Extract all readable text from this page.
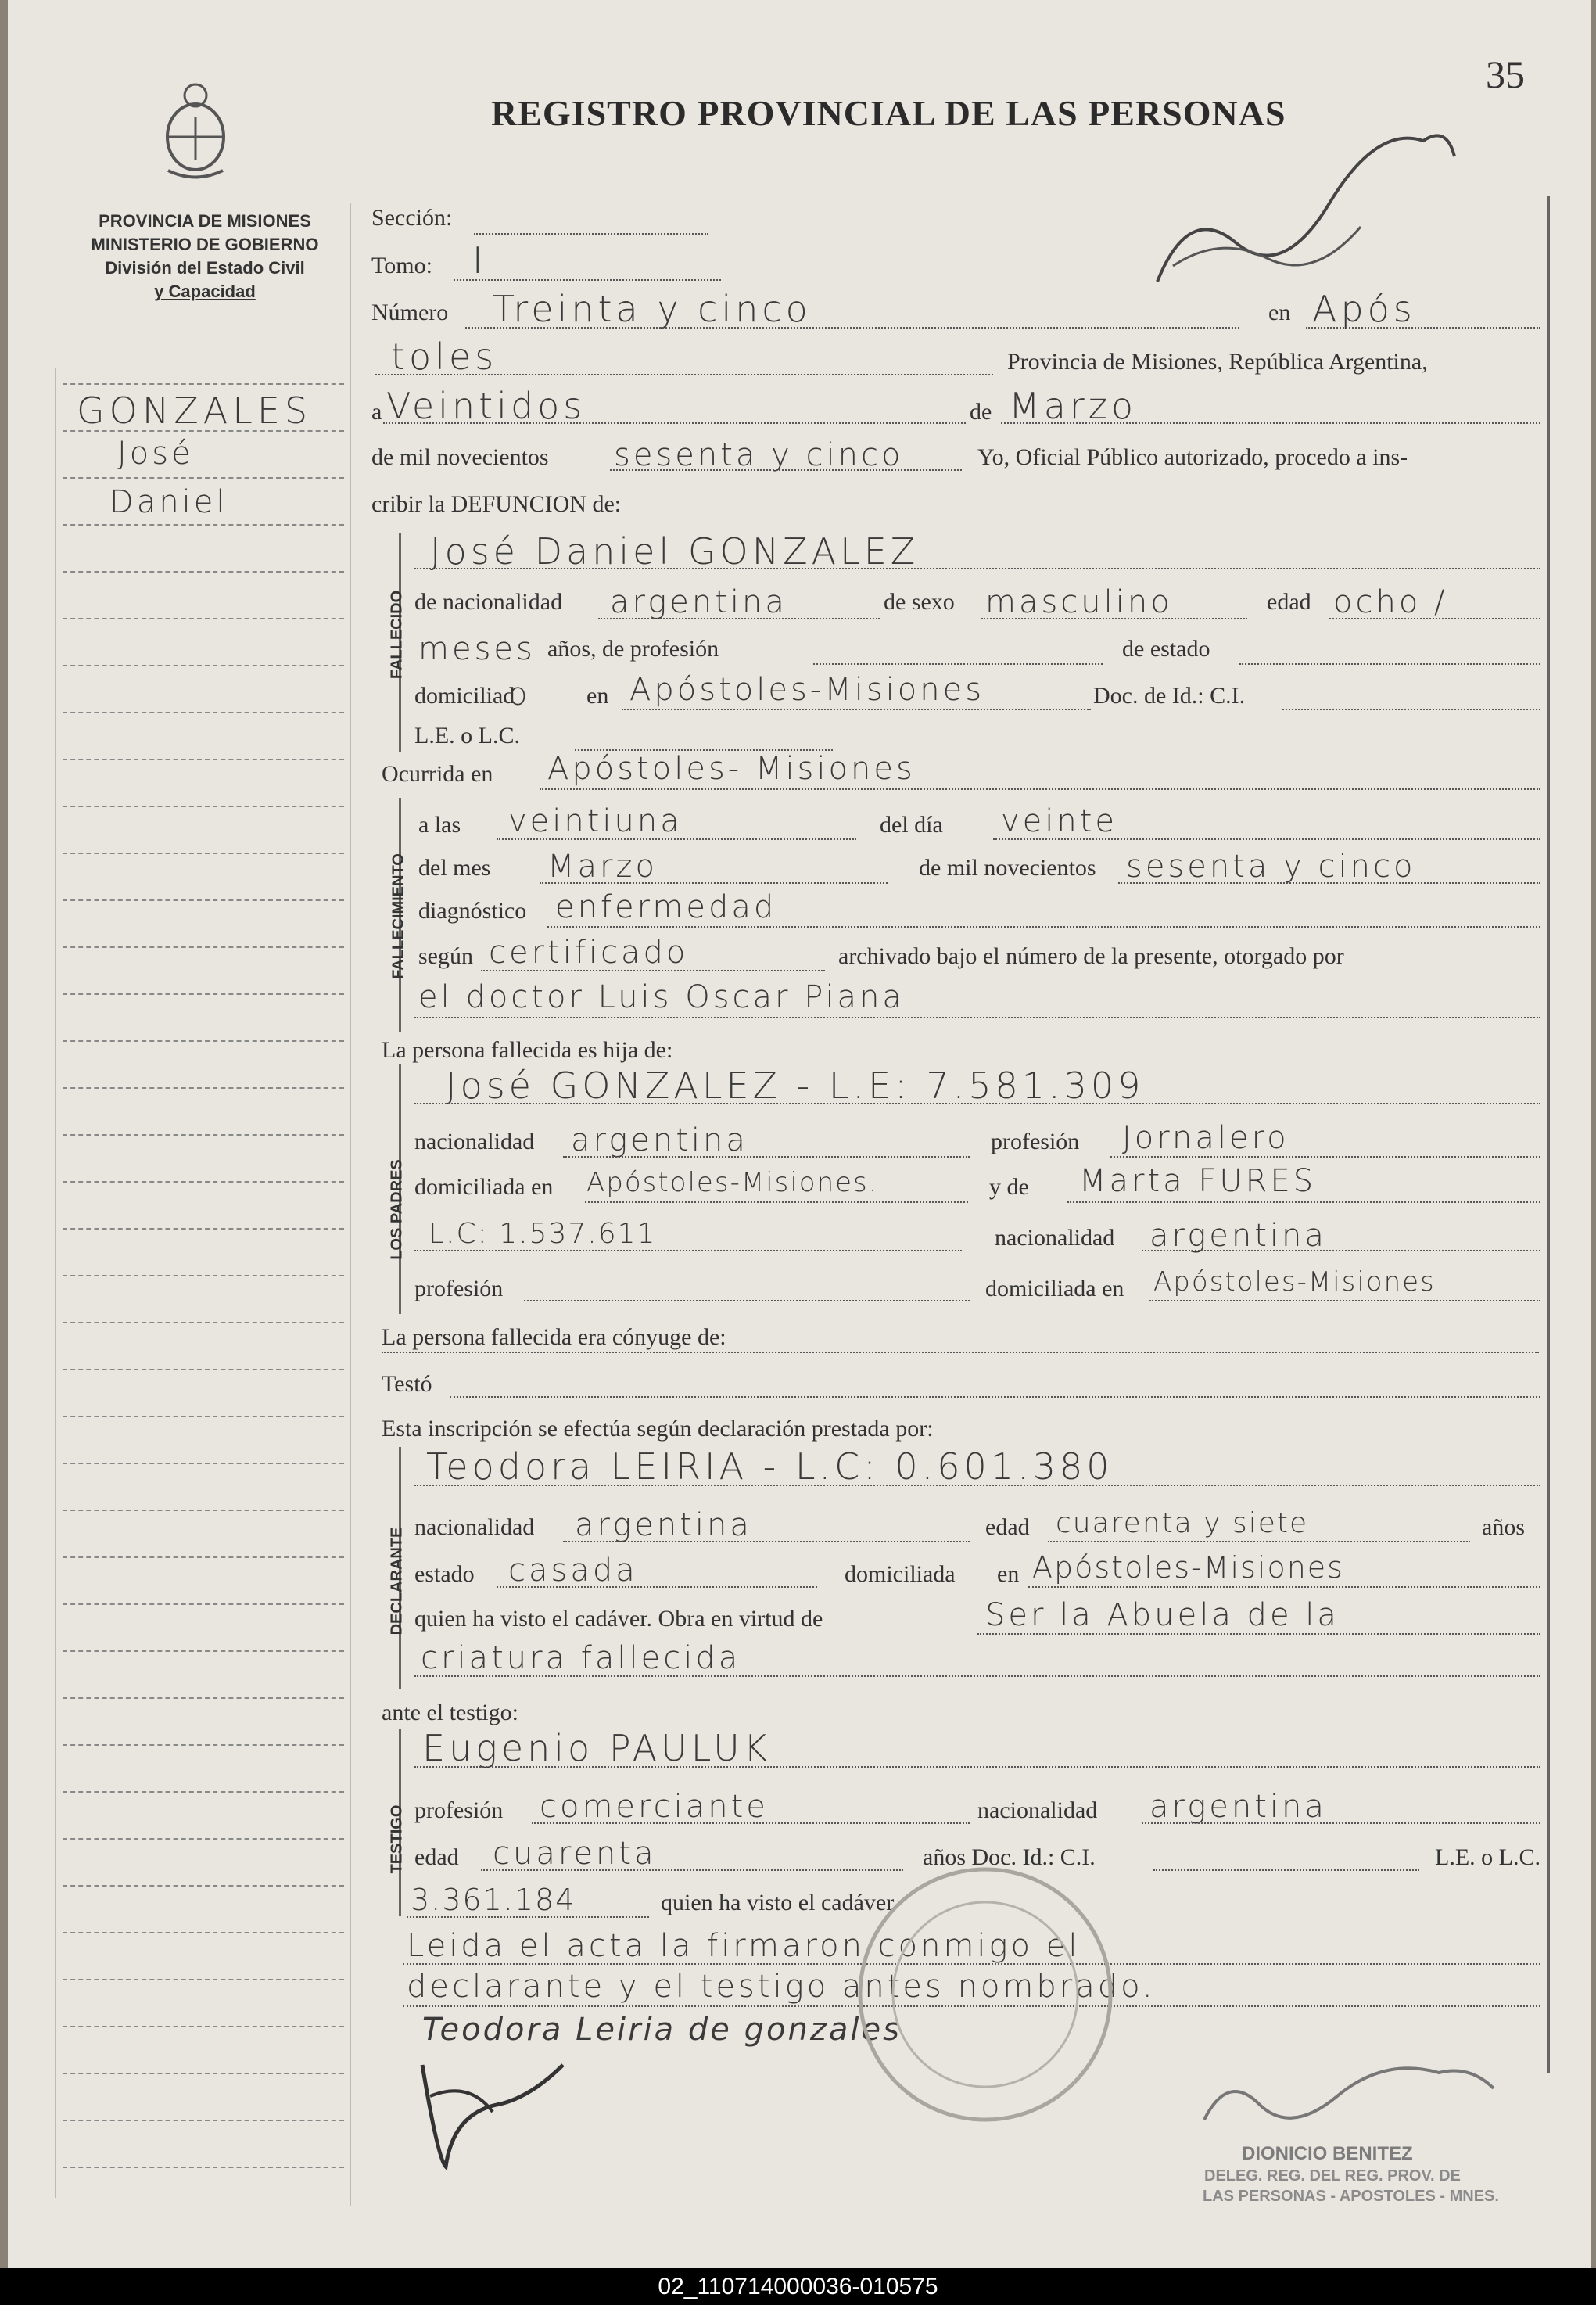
PROVINCIA DE MISIONES
MINISTERIO DE GOBIERNO
División del Estado Civil
y Capacidad
REGISTRO PROVINCIAL DE LAS PERSONAS
35
GONZALES
José
Daniel
Sección:
Tomo: I
Número Treinta y cinco	en Após
toles	Provincia de Misiones, República Argentina,
a Veintidos	de Marzo
de mil novecientos sesenta y cinco	Yo, Oficial Público autorizado, procedo a ins-
cribir la DEFUNCION de:
FALLECIDO
José Daniel GONZALEZ
de nacionalidad argentina	de sexo masculino	edad ocho /
meses años, de profesión	de estado
domiciliad
o en Apóstoles-Misiones	Doc. de Id.: C.I.
L.E. o L.C.
Ocurrida en Apóstoles- Misiones
FALLECIMIENTO
a las veintiuna	del día veinte
del mes Marzo	de mil novecientos sesenta y cinco
diagnóstico enfermedad
según certificado	archivado bajo el número de la presente, otorgado por
el doctor Luis Oscar Piana
La persona fallecida es hija de:
LOS PADRES
José GONZALEZ - L.E: 7.581.309
nacionalidad argentina	profesión Jornalero
domiciliada en Apóstoles-Misiones.	y de Marta FURES
L.C: 1.537.611	nacionalidad argentina
profesión	domiciliada en Apóstoles-Misiones
La persona fallecida era cónyuge de:
Testó
Esta inscripción se efectúa según declaración prestada por:
DECLARANTE
Teodora LEIRIA - L.C: 0.601.380
nacionalidad argentina	edad cuarenta y siete	años
estado casada	domiciliada en Apóstoles-Misiones
quien ha visto el cadáver. Obra en virtud de	Ser la Abuela de la
criatura fallecida
ante el testigo:
TESTIGO
Eugenio PAULUK
profesión comerciante	nacionalidad argentina
edad cuarenta	años Doc. Id.: C.I.	L.E. o L.C.
3.361.184	quien ha visto el cadáver
Leida el acta la firmaron conmigo el
declarante y el testigo antes nombrado.
Teodora Leiria de gonzales
DIONICIO BENITEZ
DELEG. REG. DEL REG. PROV. DE
LAS PERSONAS - APOSTOLES - MNES.
02_110714000036-010575
